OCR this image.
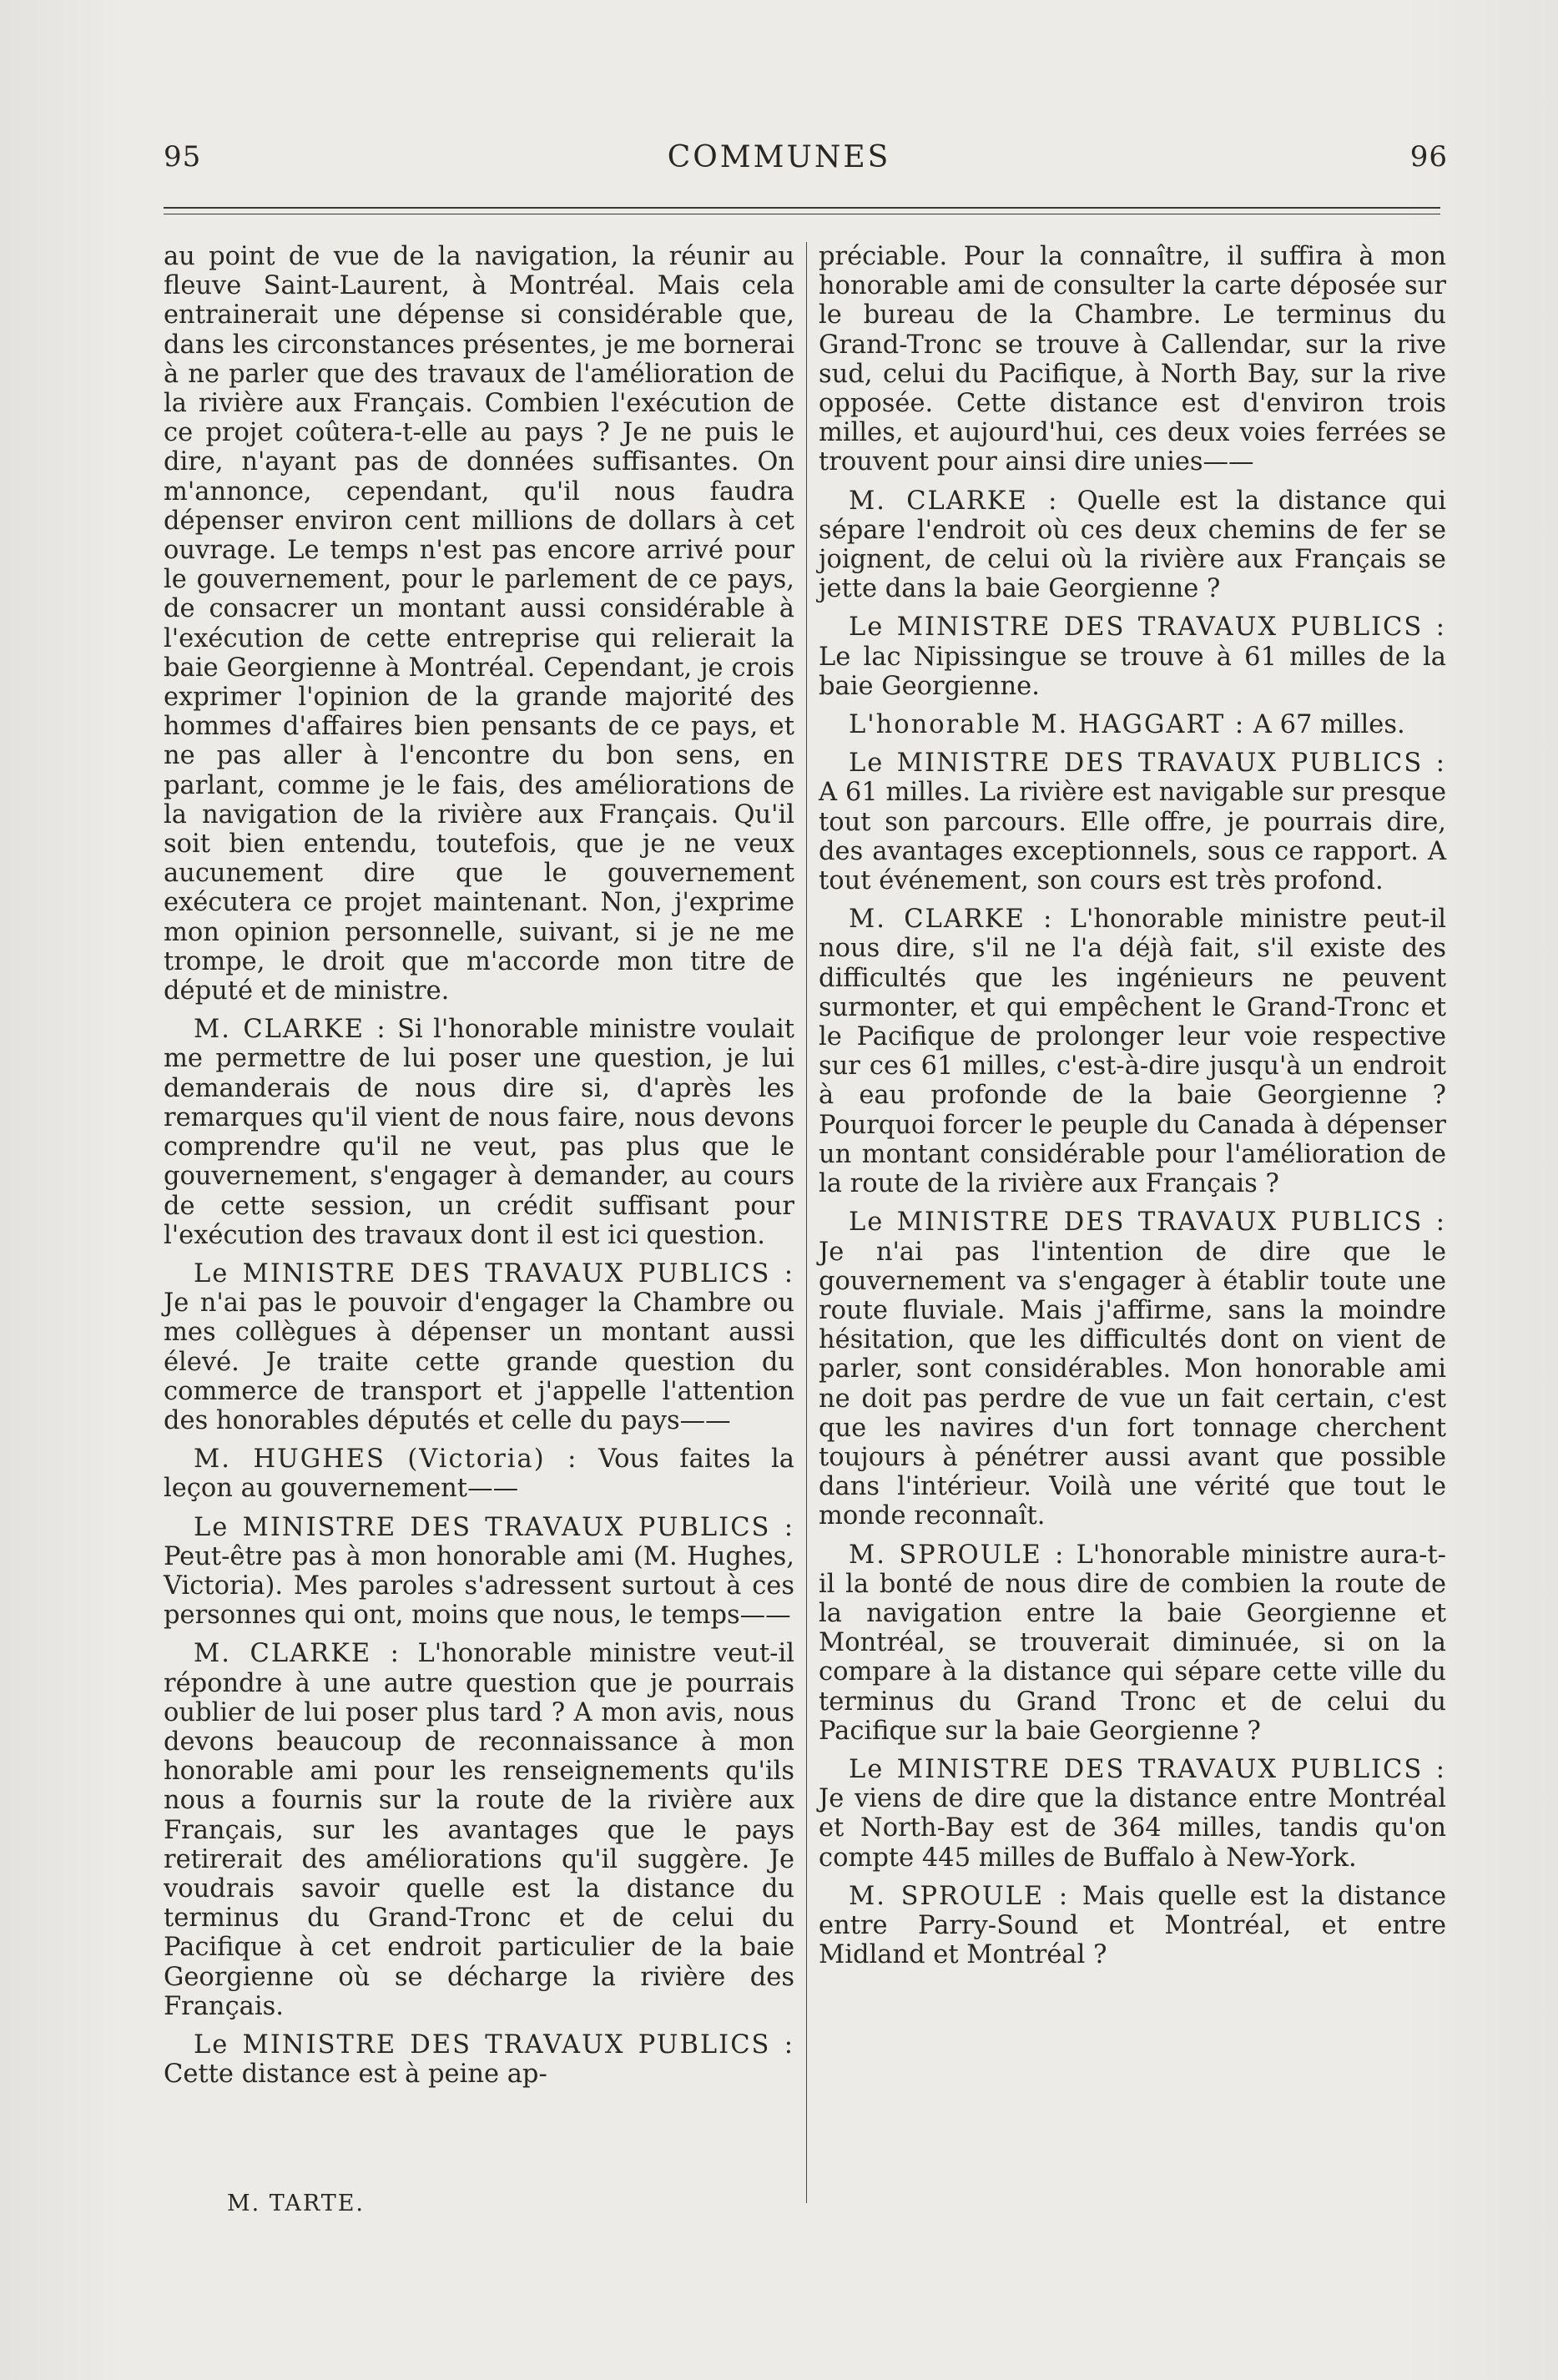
95	COMMUNES	96

au point de vue de la navigation, la réunir au fleuve Saint-Laurent, à Montréal. Mais cela entrainerait une dépense si considérable que, dans les circonstances présentes, je me bornerai à ne parler que des travaux de l'amélioration de la rivière aux Français. Combien l'exécution de ce projet coûtera-t-elle au pays ? Je ne puis le dire, n'ayant pas de données suffisantes. On m'annonce, cependant, qu'il nous faudra dépenser environ cent millions de dollars à cet ouvrage. Le temps n'est pas encore arrivé pour le gouvernement, pour le parlement de ce pays, de consacrer un montant aussi considérable à l'exécution de cette entreprise qui relierait la baie Georgienne à Montréal. Cependant, je crois exprimer l'opinion de la grande majorité des hommes d'affaires bien pensants de ce pays, et ne pas aller à l'encontre du bon sens, en parlant, comme je le fais, des améliorations de la navigation de la rivière aux Français. Qu'il soit bien entendu, toutefois, que je ne veux aucunement dire que le gouvernement exécutera ce projet maintenant. Non, j'exprime mon opinion personnelle, suivant, si je ne me trompe, le droit que m'accorde mon titre de député et de ministre.

M. CLARKE : Si l'honorable ministre voulait me permettre de lui poser une question, je lui demanderais de nous dire si, d'après les remarques qu'il vient de nous faire, nous devons comprendre qu'il ne veut, pas plus que le gouvernement, s'engager à demander, au cours de cette session, un crédit suffisant pour l'exécution des travaux dont il est ici question.

Le MINISTRE DES TRAVAUX PUBLICS : Je n'ai pas le pouvoir d'engager la Chambre ou mes collègues à dépenser un montant aussi élevé. Je traite cette grande question du commerce de transport et j'appelle l'attention des honorables députés et celle du pays——

M. HUGHES (Victoria) : Vous faites la leçon au gouvernement——

Le MINISTRE DES TRAVAUX PUBLICS : Peut-être pas à mon honorable ami (M. Hughes, Victoria). Mes paroles s'adressent surtout à ces personnes qui ont, moins que nous, le temps——

M. CLARKE : L'honorable ministre veut-il répondre à une autre question que je pourrais oublier de lui poser plus tard ? A mon avis, nous devons beaucoup de reconnaissance à mon honorable ami pour les renseignements qu'ils nous a fournis sur la route de la rivière aux Français, sur les avantages que le pays retirerait des améliorations qu'il suggère. Je voudrais savoir quelle est la distance du terminus du Grand-Tronc et de celui du Pacifique à cet endroit particulier de la baie Georgienne où se décharge la rivière des Français.

Le MINISTRE DES TRAVAUX PUBLICS : Cette distance est à peine ap-

préciable. Pour la connaître, il suffira à mon honorable ami de consulter la carte déposée sur le bureau de la Chambre. Le terminus du Grand-Tronc se trouve à Callendar, sur la rive sud, celui du Pacifique, à North Bay, sur la rive opposée. Cette distance est d'environ trois milles, et aujourd'hui, ces deux voies ferrées se trouvent pour ainsi dire unies——

M. CLARKE : Quelle est la distance qui sépare l'endroit où ces deux chemins de fer se joignent, de celui où la rivière aux Français se jette dans la baie Georgienne ?

Le MINISTRE DES TRAVAUX PUBLICS : Le lac Nipissingue se trouve à 61 milles de la baie Georgienne.

L'honorable M. HAGGART : A 67 milles.

Le MINISTRE DES TRAVAUX PUBLICS : A 61 milles. La rivière est navigable sur presque tout son parcours. Elle offre, je pourrais dire, des avantages exceptionnels, sous ce rapport. A tout événement, son cours est très profond.

M. CLARKE : L'honorable ministre peut-il nous dire, s'il ne l'a déjà fait, s'il existe des difficultés que les ingénieurs ne peuvent surmonter, et qui empêchent le Grand-Tronc et le Pacifique de prolonger leur voie respective sur ces 61 milles, c'est-à-dire jusqu'à un endroit à eau profonde de la baie Georgienne ? Pourquoi forcer le peuple du Canada à dépenser un montant considérable pour l'amélioration de la route de la rivière aux Français ?

Le MINISTRE DES TRAVAUX PUBLICS : Je n'ai pas l'intention de dire que le gouvernement va s'engager à établir toute une route fluviale. Mais j'affirme, sans la moindre hésitation, que les difficultés dont on vient de parler, sont considérables. Mon honorable ami ne doit pas perdre de vue un fait certain, c'est que les navires d'un fort tonnage cherchent toujours à pénétrer aussi avant que possible dans l'intérieur. Voilà une vérité que tout le monde reconnaît.

M. SPROULE : L'honorable ministre aura-t-il la bonté de nous dire de combien la route de la navigation entre la baie Georgienne et Montréal, se trouverait diminuée, si on la compare à la distance qui sépare cette ville du terminus du Grand Tronc et de celui du Pacifique sur la baie Georgienne ?

Le MINISTRE DES TRAVAUX PUBLICS : Je viens de dire que la distance entre Montréal et North-Bay est de 364 milles, tandis qu'on compte 445 milles de Buffalo à New-York.

M. SPROULE : Mais quelle est la distance entre Parry-Sound et Montréal, et entre Midland et Montréal ?

M. TARTE.
